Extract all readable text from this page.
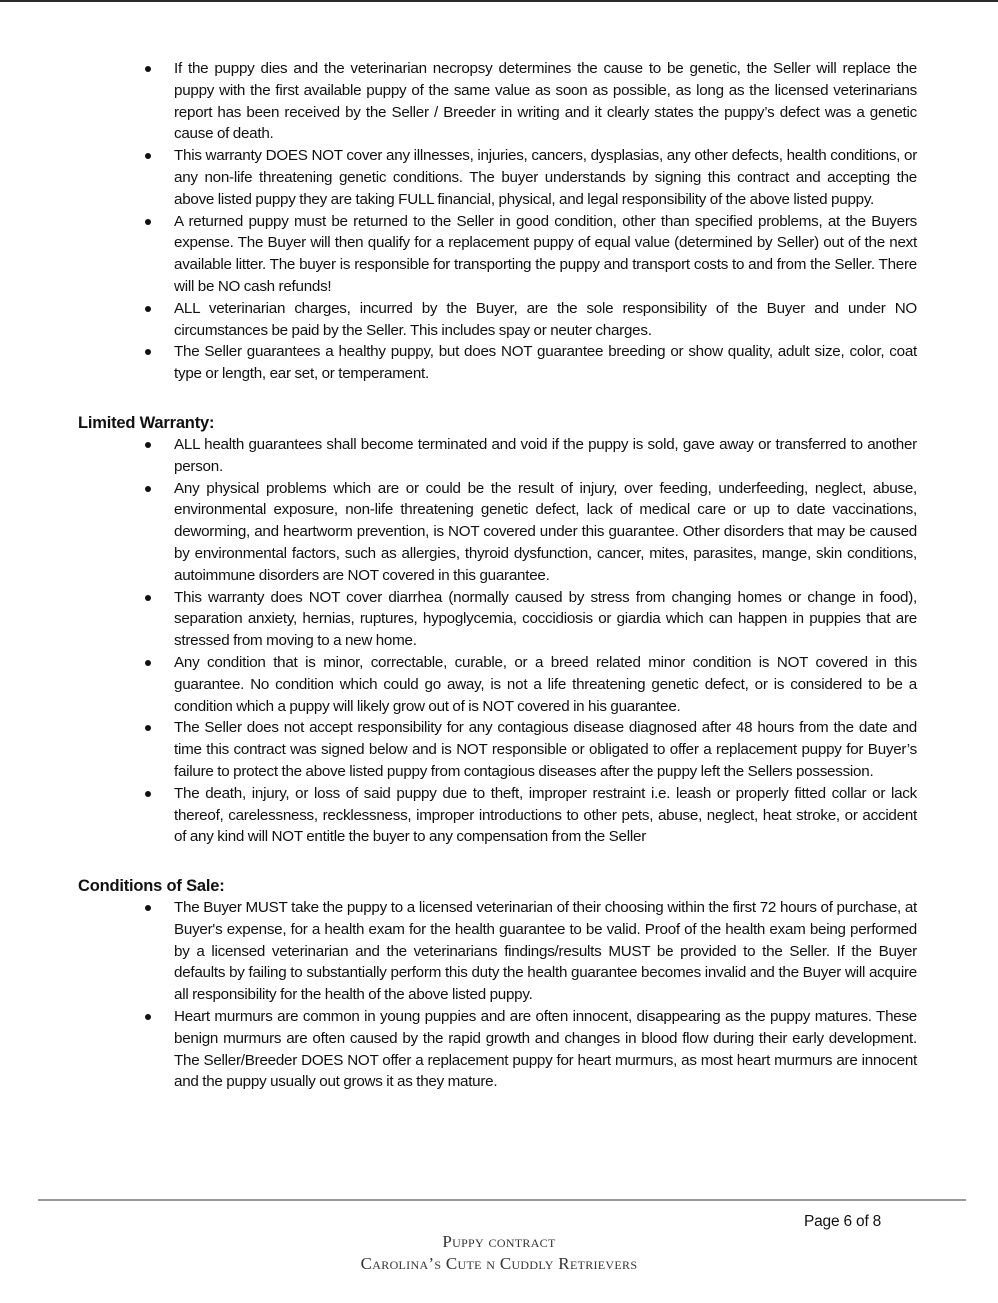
If the puppy dies and the veterinarian necropsy determines the cause to be genetic, the Seller will replace the puppy with the first available puppy of the same value as soon as possible, as long as the licensed veterinarians report has been received by the Seller / Breeder in writing and it clearly states the puppy’s defect was a genetic cause of death.
This warranty DOES NOT cover any illnesses, injuries, cancers, dysplasias, any other defects, health conditions, or any non-life threatening genetic conditions. The buyer understands by signing this contract and accepting the above listed puppy they are taking FULL financial, physical, and legal responsibility of the above listed puppy.
A returned puppy must be returned to the Seller in good condition, other than specified problems, at the Buyers expense. The Buyer will then qualify for a replacement puppy of equal value (determined by Seller) out of the next available litter. The buyer is responsible for transporting the puppy and transport costs to and from the Seller. There will be NO cash refunds!
ALL veterinarian charges, incurred by the Buyer, are the sole responsibility of the Buyer and under NO circumstances be paid by the Seller. This includes spay or neuter charges.
The Seller guarantees a healthy puppy, but does NOT guarantee breeding or show quality, adult size, color, coat type or length, ear set, or temperament.
Limited Warranty:
ALL health guarantees shall become terminated and void if the puppy is sold, gave away or transferred to another person.
Any physical problems which are or could be the result of injury, over feeding, underfeeding, neglect, abuse, environmental exposure, non-life threatening genetic defect, lack of medical care or up to date vaccinations, deworming, and heartworm prevention, is NOT covered under this guarantee. Other disorders that may be caused by environmental factors, such as allergies, thyroid dysfunction, cancer, mites, parasites, mange, skin conditions, autoimmune disorders are NOT covered in this guarantee.
This warranty does NOT cover diarrhea (normally caused by stress from changing homes or change in food), separation anxiety, hernias, ruptures, hypoglycemia, coccidiosis or giardia which can happen in puppies that are stressed from moving to a new home.
Any condition that is minor, correctable, curable, or a breed related minor condition is NOT covered in this guarantee. No condition which could go away, is not a life threatening genetic defect, or is considered to be a condition which a puppy will likely grow out of is NOT covered in his guarantee.
The Seller does not accept responsibility for any contagious disease diagnosed after 48 hours from the date and time this contract was signed below and is NOT responsible or obligated to offer a replacement puppy for Buyer’s failure to protect the above listed puppy from contagious diseases after the puppy left the Sellers possession.
The death, injury, or loss of said puppy due to theft, improper restraint i.e. leash or properly fitted collar or lack thereof, carelessness, recklessness, improper introductions to other pets, abuse, neglect, heat stroke, or accident of any kind will NOT entitle the buyer to any compensation from the Seller
Conditions of Sale:
The Buyer MUST take the puppy to a licensed veterinarian of their choosing within the first 72 hours of purchase, at Buyer's expense, for a health exam for the health guarantee to be valid. Proof of the health exam being performed by a licensed veterinarian and the veterinarians findings/results MUST be provided to the Seller. If the Buyer defaults by failing to substantially perform this duty the health guarantee becomes invalid and the Buyer will acquire all responsibility for the health of the above listed puppy.
Heart murmurs are common in young puppies and are often innocent, disappearing as the puppy matures. These benign murmurs are often caused by the rapid growth and changes in blood flow during their early development. The Seller/Breeder DOES NOT offer a replacement puppy for heart murmurs, as most heart murmurs are innocent and the puppy usually out grows it as they mature.
Page 6 of 8
Puppy contract
Carolina’s Cute n Cuddly Retrievers
